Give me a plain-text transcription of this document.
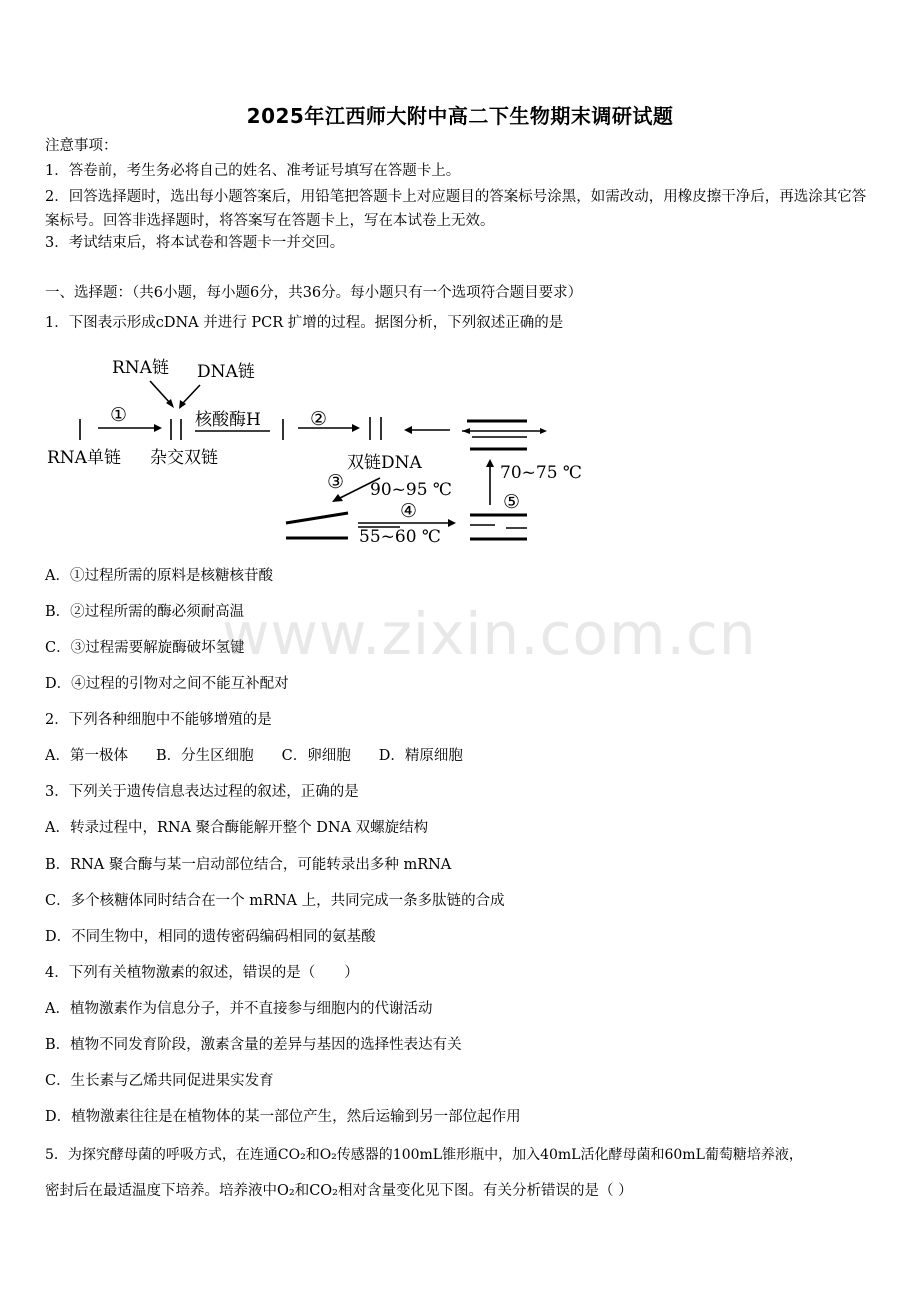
2025年江西师大附中高二下生物期末调研试题
注意事项：
1．答卷前，考生务必将自己的姓名、准考证号填写在答题卡上。
2．回答选择题时，选出每小题答案后，用铅笔把答题卡上对应题目的答案标号涂黑，如需改动，用橡皮擦干净后，再选涂其它答案标号。回答非选择题时，将答案写在答题卡上，写在本试卷上无效。
3．考试结束后，将本试卷和答题卡一并交回。
一、选择题：（共6小题，每小题6分，共36分。每小题只有一个选项符合题目要求）
1．下图表示形成cDNA 并进行 PCR 扩增的过程。据图分析，下列叙述正确的是
RNA链 DNA链
RNA单链 杂交双链
核酸酶H
双链DNA
90~95 ℃
55~60 ℃
70~75 ℃
①	②
③
④	⑤
A．①过程所需的原料是核糖核苷酸
B．②过程所需的酶必须耐高温
C．③过程需要解旋酶破坏氢键
D．④过程的引物对之间不能互补配对
www.zixin.com.cn
2．下列各种细胞中不能够增殖的是
A．第一极体 B．分生区细胞 C．卵细胞 D．精原细胞
3．下列关于遗传信息表达过程的叙述，正确的是
A．转录过程中，RNA 聚合酶能解开整个 DNA 双螺旋结构
B．RNA 聚合酶与某一启动部位结合，可能转录出多种 mRNA
C．多个核糖体同时结合在一个 mRNA 上，共同完成一条多肽链的合成
D．不同生物中，相同的遗传密码编码相同的氨基酸
4．下列有关植物激素的叙述，错误的是（　　）
A．植物激素作为信息分子，并不直接参与细胞内的代谢活动
B．植物不同发育阶段，激素含量的差异与基因的选择性表达有关
C．生长素与乙烯共同促进果实发育
D．植物激素往往是在植物体的某一部位产生，然后运输到另一部位起作用
5．为探究酵母菌的呼吸方式，在连通CO₂和O₂传感器的100mL锥形瓶中，加入40mL活化酵母菌和60mL葡萄糖培养液，
密封后在最适温度下培养。培养液中O₂和CO₂相对含量变化见下图。有关分析错误的是（ ）
